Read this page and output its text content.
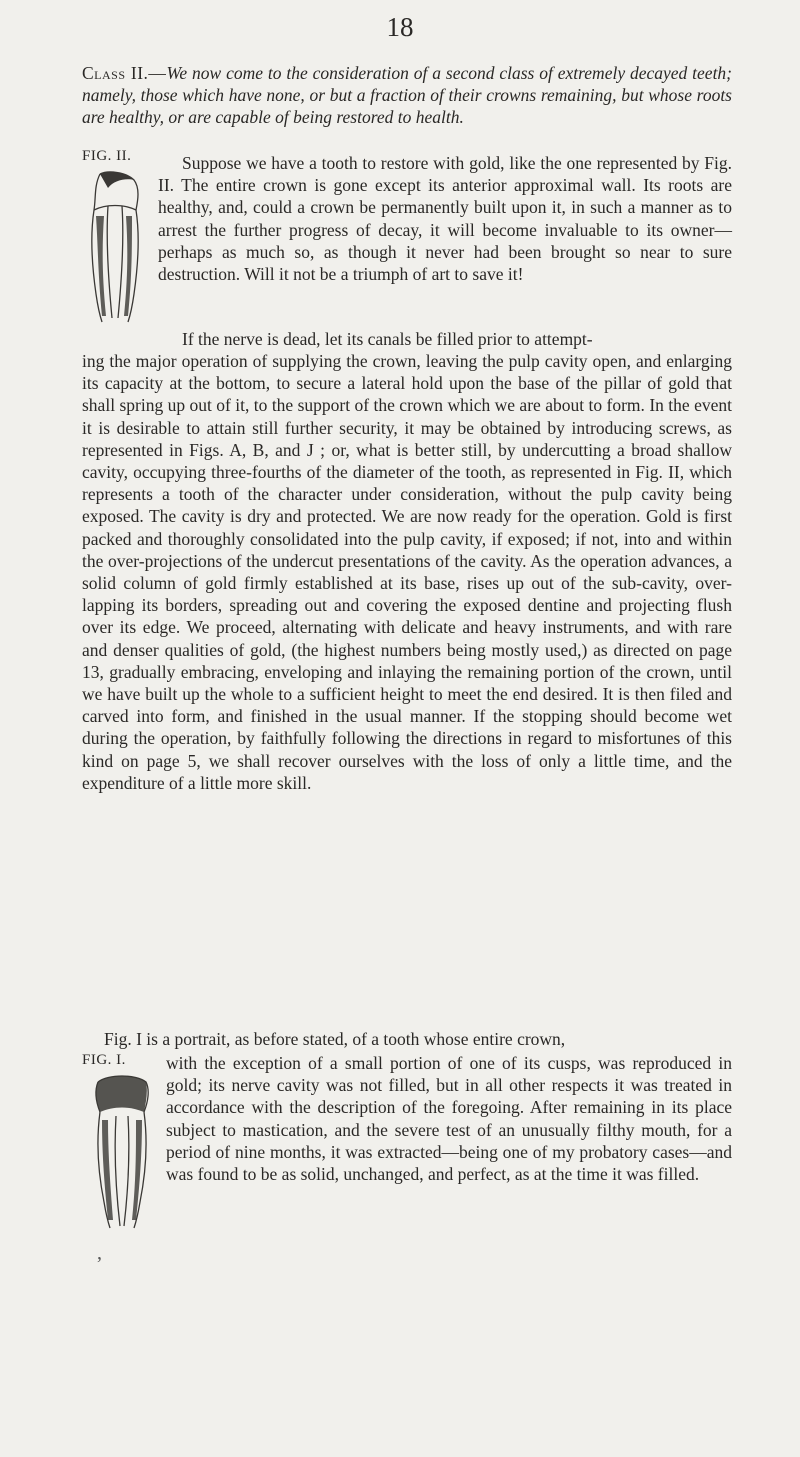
18
Class II.—We now come to the consideration of a second class of extremely decayed teeth; namely, those which have none, or but a fraction of their crowns remaining, but whose roots are healthy, or are capable of being restored to health.
FIG. II.	Suppose we have a tooth to restore with gold, like the one represented by Fig. II. The entire crown is gone except its anterior approximal wall. Its roots are healthy, and, could a crown be permanently built upon it, in such a manner as to arrest the further progress of decay, it will become invaluable to its owner—perhaps as much so, as though it never had been brought so near to sure destruction. Will it not be a triumph of art to save it!
If the nerve is dead, let its canals be filled prior to attempt-
ing the major operation of supplying the crown, leaving the pulp cavity open, and enlarging its capacity at the bottom, to secure a lateral hold upon the base of the pillar of gold that shall spring up out of it, to the support of the crown which we are about to form. In the event it is desirable to attain still further security, it may be obtained by introducing screws, as represented in Figs. A, B, and J ; or, what is better still, by undercutting a broad shallow cavity, occupying three-fourths of the diameter of the tooth, as represented in Fig. II, which represents a tooth of the character under consideration, without the pulp cavity being exposed. The cavity is dry and protected. We are now ready for the operation. Gold is first packed and thoroughly consolidated into the pulp cavity, if exposed; if not, into and within the over-projections of the undercut presentations of the cavity. As the operation advances, a solid column of gold firmly established at its base, rises up out of the sub-cavity, over-lapping its borders, spreading out and covering the exposed dentine and projecting flush over its edge. We proceed, alternating with delicate and heavy instruments, and with rare and denser qualities of gold, (the highest numbers being mostly used,) as directed on page 13, gradually embracing, enveloping and inlaying the remaining portion of the crown, until we have built up the whole to a sufficient height to meet the end desired. It is then filed and carved into form, and finished in the usual manner. If the stopping should become wet during the operation, by faithfully following the directions in regard to misfortunes of this kind on page 5, we shall recover ourselves with the loss of only a little time, and the expenditure of a little more skill.
Fig. I is a portrait, as before stated, of a tooth whose entire crown,
FIG. I. with the exception of a small portion of one of its cusps, was reproduced in gold; its nerve cavity was not filled, but in all other respects it was treated in accordance with the description of the foregoing. After remaining in its place subject to mastication, and the severe test of an unusually filthy mouth, for a period of nine months, it was extracted—being one of my probatory cases—and was found to be as solid, unchanged, and perfect, as at the time it was filled.
‚
